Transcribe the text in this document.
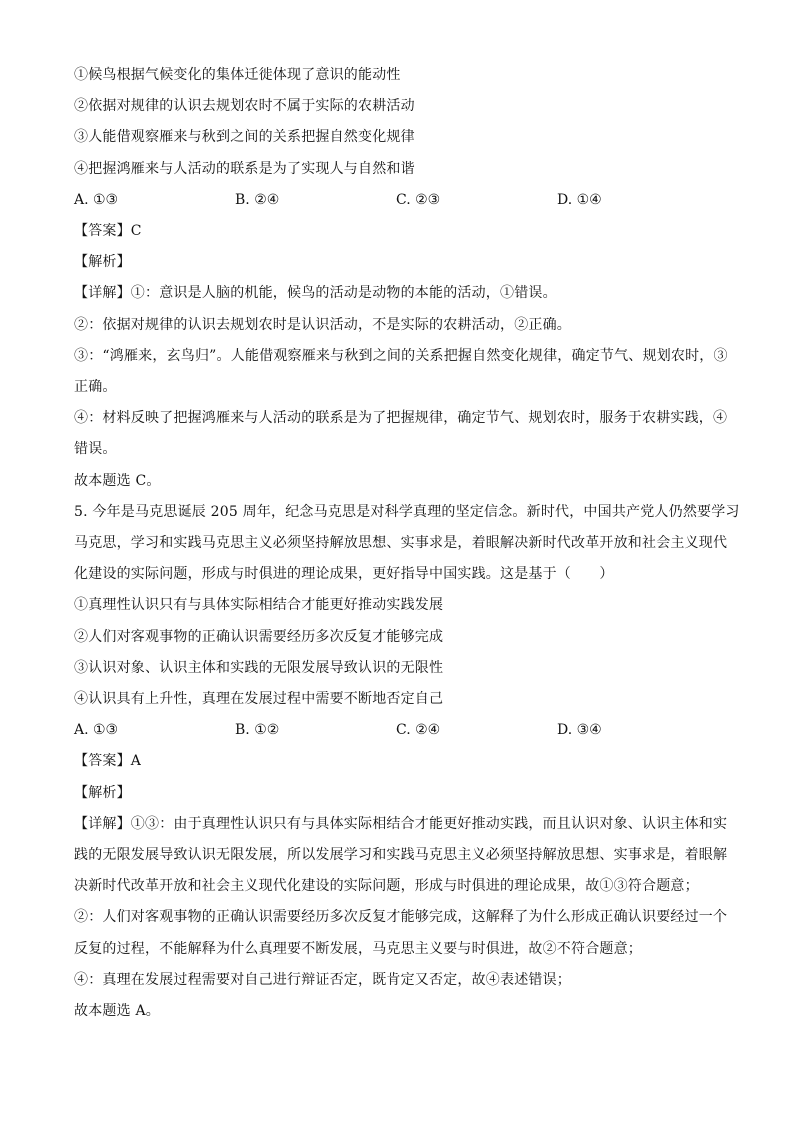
①候鸟根据气候变化的集体迁徙体现了意识的能动性
②依据对规律的认识去规划农时不属于实际的农耕活动
③人能借观察雁来与秋到之间的关系把握自然变化规律
④把握鸿雁来与人活动的联系是为了实现人与自然和谐
A. ①③	B. ②④	C. ②③	D. ①④
【答案】C
【解析】
【详解】①：意识是人脑的机能，候鸟的活动是动物的本能的活动，①错误。
②：依据对规律的认识去规划农时是认识活动，不是实际的农耕活动，②正确。
③：“鸿雁来，玄鸟归”。人能借观察雁来与秋到之间的关系把握自然变化规律，确定节气、规划农时，③
正确。
④：材料反映了把握鸿雁来与人活动的联系是为了把握规律，确定节气、规划农时，服务于农耕实践，④
错误。
故本题选 C。
5. 今年是马克思诞辰 205 周年，纪念马克思是对科学真理的坚定信念。新时代，中国共产党人仍然要学习
马克思，学习和实践马克思主义必须坚持解放思想、实事求是，着眼解决新时代改革开放和社会主义现代
化建设的实际问题，形成与时俱进的理论成果，更好指导中国实践。这是基于（　　）
①真理性认识只有与具体实际相结合才能更好推动实践发展
②人们对客观事物的正确认识需要经历多次反复才能够完成
③认识对象、认识主体和实践的无限发展导致认识的无限性
④认识具有上升性，真理在发展过程中需要不断地否定自己
A. ①③	B. ①②	C. ②④	D. ③④
【答案】A
【解析】
【详解】①③：由于真理性认识只有与具体实际相结合才能更好推动实践，而且认识对象、认识主体和实
践的无限发展导致认识无限发展，所以发展学习和实践马克思主义必须坚持解放思想、实事求是，着眼解
决新时代改革开放和社会主义现代化建设的实际问题，形成与时俱进的理论成果，故①③符合题意；
②：人们对客观事物的正确认识需要经历多次反复才能够完成，这解释了为什么形成正确认识要经过一个
反复的过程，不能解释为什么真理要不断发展，马克思主义要与时俱进，故②不符合题意；
④：真理在发展过程需要对自己进行辩证否定，既肯定又否定，故④表述错误；
故本题选 A。
